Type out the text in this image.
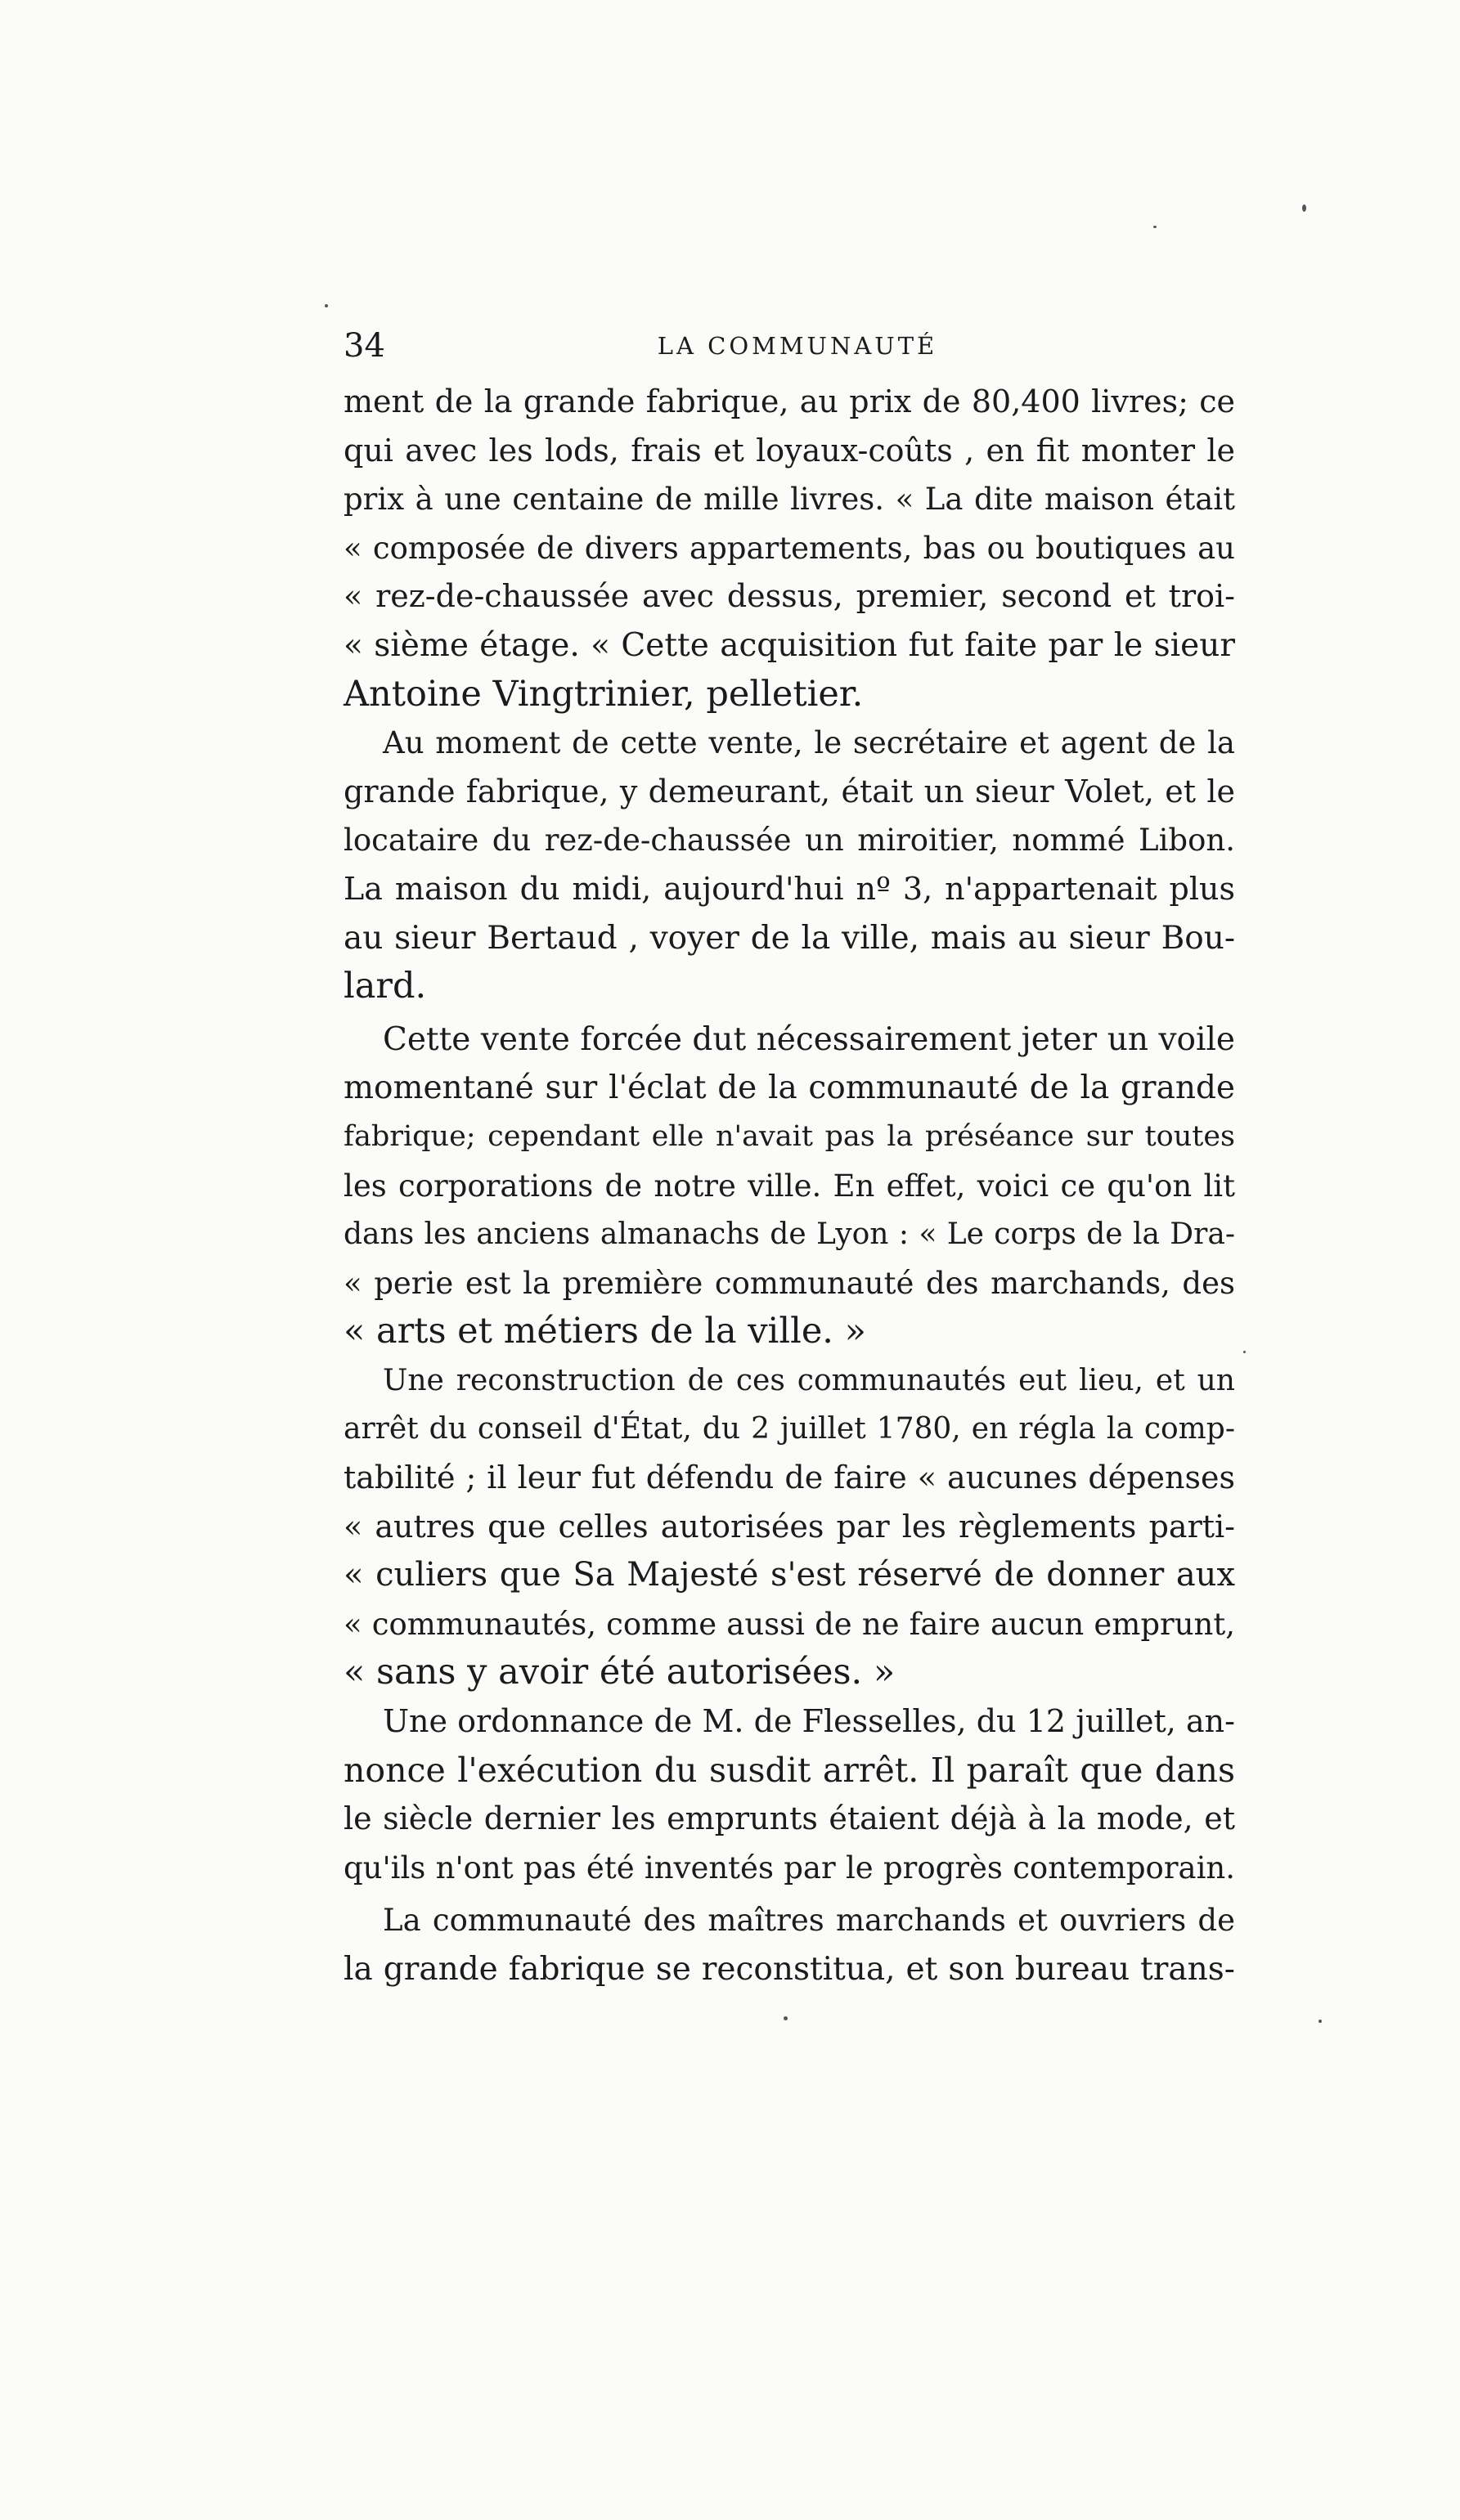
34	LA COMMUNAUTÉ
ment de la grande fabrique, au prix de 80,400 livres; ce
qui avec les lods, frais et loyaux-coûts , en fit monter le
prix à une centaine de mille livres. « La dite maison était
« composée de divers appartements, bas ou boutiques au
« rez-de-chaussée avec dessus, premier, second et troi-
« sième étage. « Cette acquisition fut faite par le sieur
Antoine Vingtrinier, pelletier.
Au moment de cette vente, le secrétaire et agent de la
grande fabrique, y demeurant, était un sieur Volet, et le
locataire du rez-de-chaussée un miroitier, nommé Libon.
La maison du midi, aujourd'hui nº 3, n'appartenait plus
au sieur Bertaud , voyer de la ville, mais au sieur Bou-
lard.
Cette vente forcée dut nécessairement jeter un voile
momentané sur l'éclat de la communauté de la grande
fabrique; cependant elle n'avait pas la préséance sur toutes
les corporations de notre ville. En effet, voici ce qu'on lit
dans les anciens almanachs de Lyon : « Le corps de la Dra-
« perie est la première communauté des marchands, des
« arts et métiers de la ville. »
Une reconstruction de ces communautés eut lieu, et un
arrêt du conseil d'État, du 2 juillet 1780, en régla la comp-
tabilité ; il leur fut défendu de faire « aucunes dépenses
« autres que celles autorisées par les règlements parti-
« culiers que Sa Majesté s'est réservé de donner aux
« communautés, comme aussi de ne faire aucun emprunt,
« sans y avoir été autorisées. »
Une ordonnance de M. de Flesselles, du 12 juillet, an-
nonce l'exécution du susdit arrêt. Il paraît que dans
le siècle dernier les emprunts étaient déjà à la mode, et
qu'ils n'ont pas été inventés par le progrès contemporain.
La communauté des maîtres marchands et ouvriers de
la grande fabrique se reconstitua, et son bureau trans-
